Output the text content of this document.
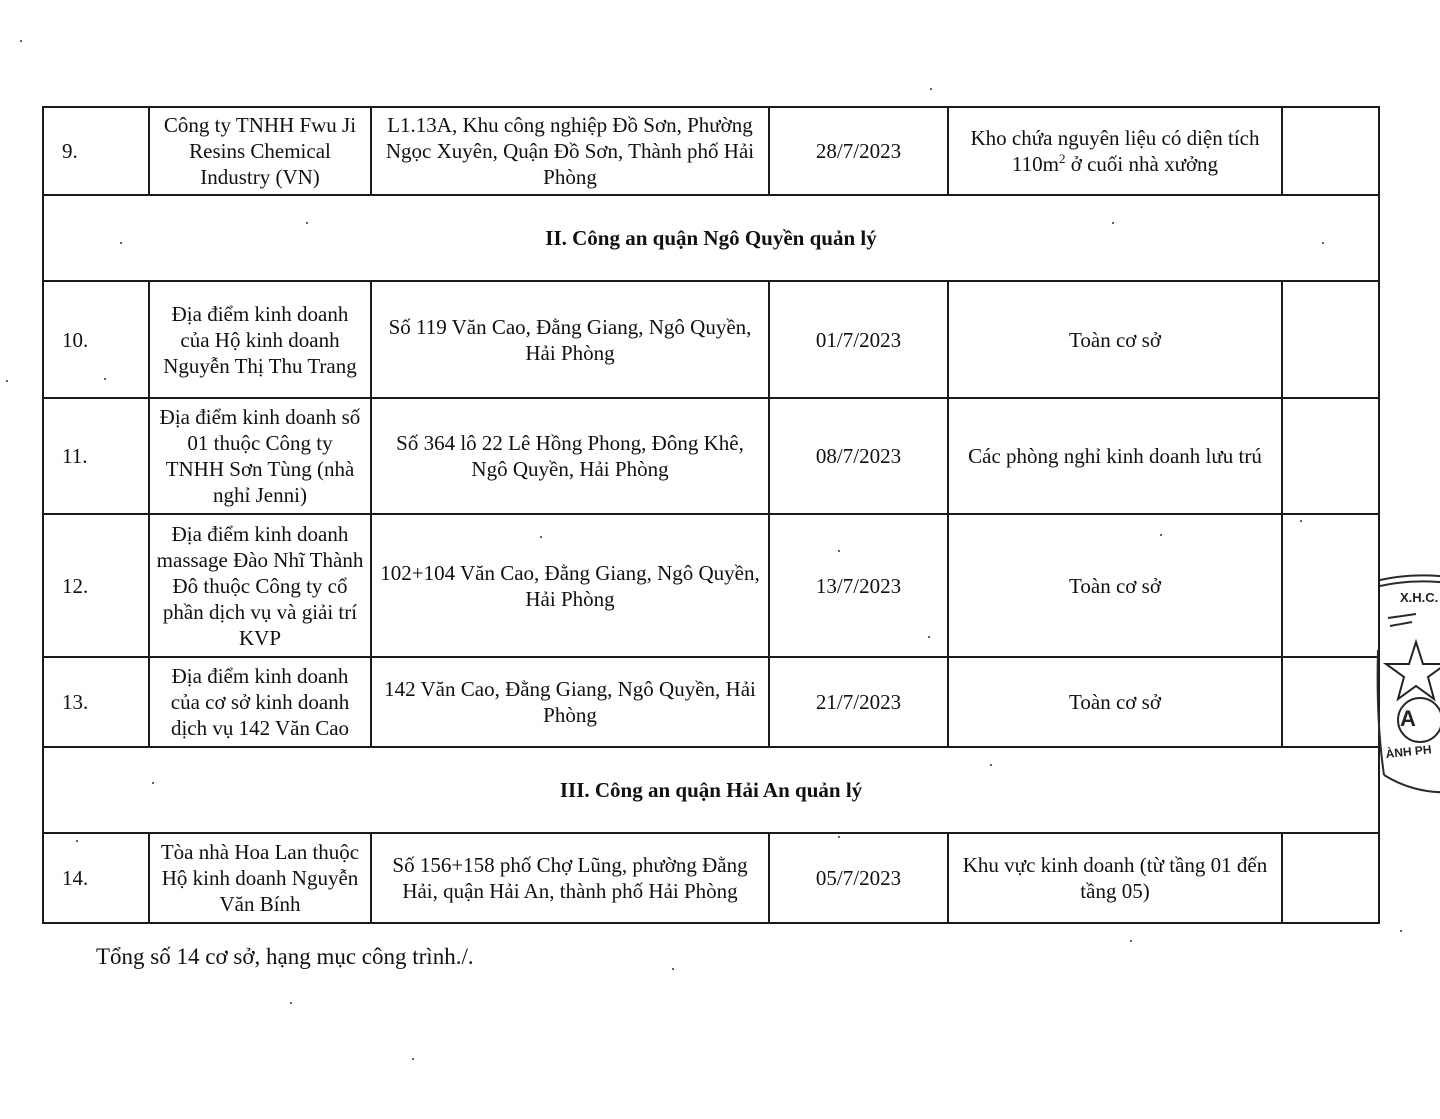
9.	Công ty TNHH Fwu Ji Resins Chemical Industry (VN)	L1.13A, Khu công nghiệp Đồ Sơn, Phường Ngọc Xuyên, Quận Đồ Sơn, Thành phố Hải Phòng	28/7/2023	Kho chứa nguyên liệu có diện tích
$110m^2$ ở cuối nhà xưởng	
II. Công an quận Ngô Quyền quản lý					
10.	Địa điểm kinh doanh của Hộ kinh doanh Nguyễn Thị Thu Trang	Số 119 Văn Cao, Đằng Giang, Ngô Quyền, Hải Phòng	01/7/2023	Toàn cơ sở	
11.	Địa điểm kinh doanh số 01 thuộc Công ty TNHH Sơn Tùng (nhà nghỉ Jenni)	Số 364 lô 22 Lê Hồng Phong, Đông Khê, Ngô Quyền, Hải Phòng	08/7/2023	Các phòng nghỉ kinh doanh lưu trú	
12.	Địa điểm kinh doanh massage Đào Nhĩ Thành Đô thuộc Công ty cổ phần dịch vụ và giải trí KVP	102+104 Văn Cao, Đằng Giang, Ngô Quyền, Hải Phòng	13/7/2023	Toàn cơ sở	
13.	Địa điểm kinh doanh của cơ sở kinh doanh dịch vụ 142 Văn Cao	142 Văn Cao, Đằng Giang, Ngô Quyền, Hải Phòng	21/7/2023	Toàn cơ sở	
III. Công an quận Hải An quản lý					
14.	Tòa nhà Hoa Lan thuộc Hộ kinh doanh Nguyễn Văn Bính	Số 156+158 phố Chợ Lũng, phường Đằng Hải, quận Hải An, thành phố Hải Phòng	05/7/2023	Khu vực kinh doanh (từ tầng 01 đến tầng 05)	
Tổng số 14 cơ sở, hạng mục công trình./.
X.H.C.
A
ÀNH PH
